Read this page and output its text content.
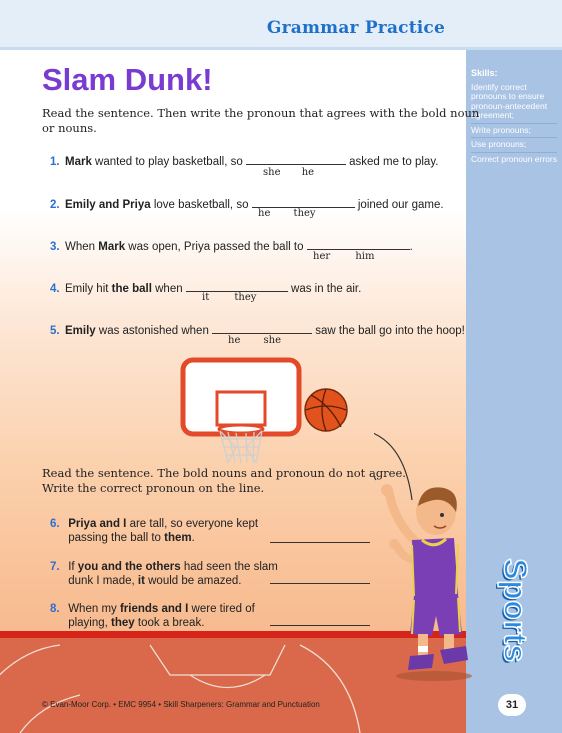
Grammar Practice
Skills:
Identify correct pronouns to ensure pronoun-antecedent agreement;
Write pronouns;
Use pronouns;
Correct pronoun errors
Sports
Slam Dunk!
Read the sentence. Then write the pronoun that agrees with the bold noun
or nouns.
1. Mark wanted to play basketball, so	asked me to play.
she he
2. Emily and Priya love basketball, so	joined our game.
he they
3. When Mark was open, Priya passed the ball to	.
her	him
4. Emily hit the ball when	was in the air.
it	they
5. Emily was astonished when	saw the ball go into the hoop!
he she
Read the sentence. The bold nouns and pronoun do not agree.
Write the correct pronoun on the line.
6. Priya and I are tall, so everyone kept
passing the ball to them.
7. If you and the others had seen the slam
dunk I made, it would be amazed.
8. When my friends and I were tired of
playing, they took a break.
31
© Evan-Moor Corp. • EMC 9954 • Skill Sharpeners: Grammar and Punctuation
